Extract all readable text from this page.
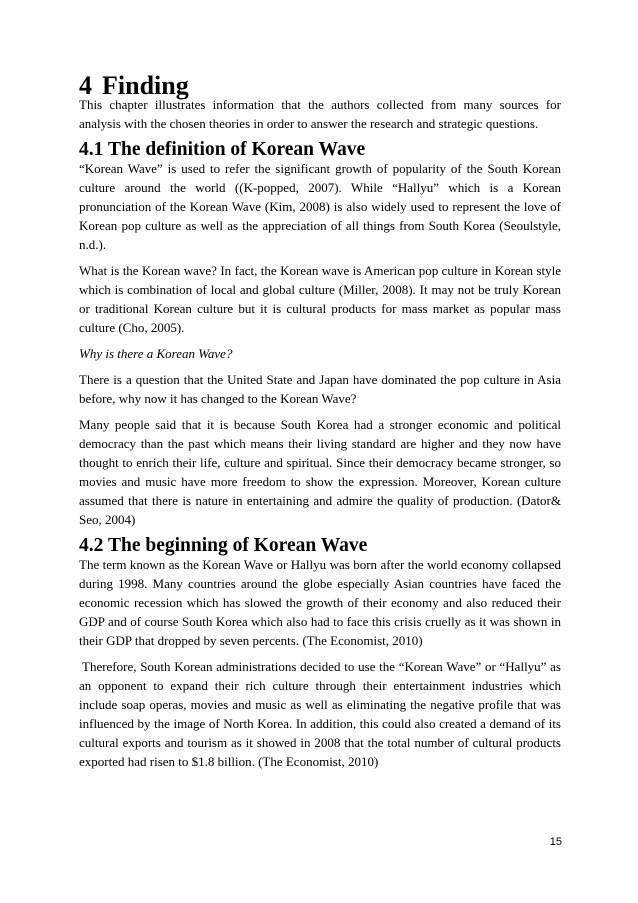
4 Finding

This chapter illustrates information that the authors collected from many sources for analysis with the chosen theories in order to answer the research and strategic questions.

4.1 The definition of Korean Wave

“Korean Wave” is used to refer the significant growth of popularity of the South Korean culture around the world ((K-popped, 2007). While “Hallyu” which is a Korean pronunciation of the Korean Wave (Kim, 2008) is also widely used to represent the love of Korean pop culture as well as the appreciation of all things from South Korea (Seoulstyle, n.d.).

What is the Korean wave? In fact, the Korean wave is American pop culture in Korean style which is combination of local and global culture (Miller, 2008). It may not be truly Korean or traditional Korean culture but it is cultural products for mass market as popular mass culture (Cho, 2005).

Why is there a Korean Wave?

There is a question that the United State and Japan have dominated the pop culture in Asia before, why now it has changed to the Korean Wave?

Many people said that it is because South Korea had a stronger economic and political democracy than the past which means their living standard are higher and they now have thought to enrich their life, culture and spiritual. Since their democracy became stronger, so movies and music have more freedom to show the expression. Moreover, Korean culture assumed that there is nature in entertaining and admire the quality of production. (Dator& Seo, 2004)

4.2 The beginning of Korean Wave

The term known as the Korean Wave or Hallyu was born after the world economy collapsed during 1998. Many countries around the globe especially Asian countries have faced the economic recession which has slowed the growth of their economy and also reduced their GDP and of course South Korea which also had to face this crisis cruelly as it was shown in their GDP that dropped by seven percents. (The Economist, 2010)

Therefore, South Korean administrations decided to use the “Korean Wave” or “Hallyu” as an opponent to expand their rich culture through their entertainment industries which include soap operas, movies and music as well as eliminating the negative profile that was influenced by the image of North Korea. In addition, this could also created a demand of its cultural exports and tourism as it showed in 2008 that the total number of cultural products exported had risen to $1.8 billion. (The Economist, 2010)

15
